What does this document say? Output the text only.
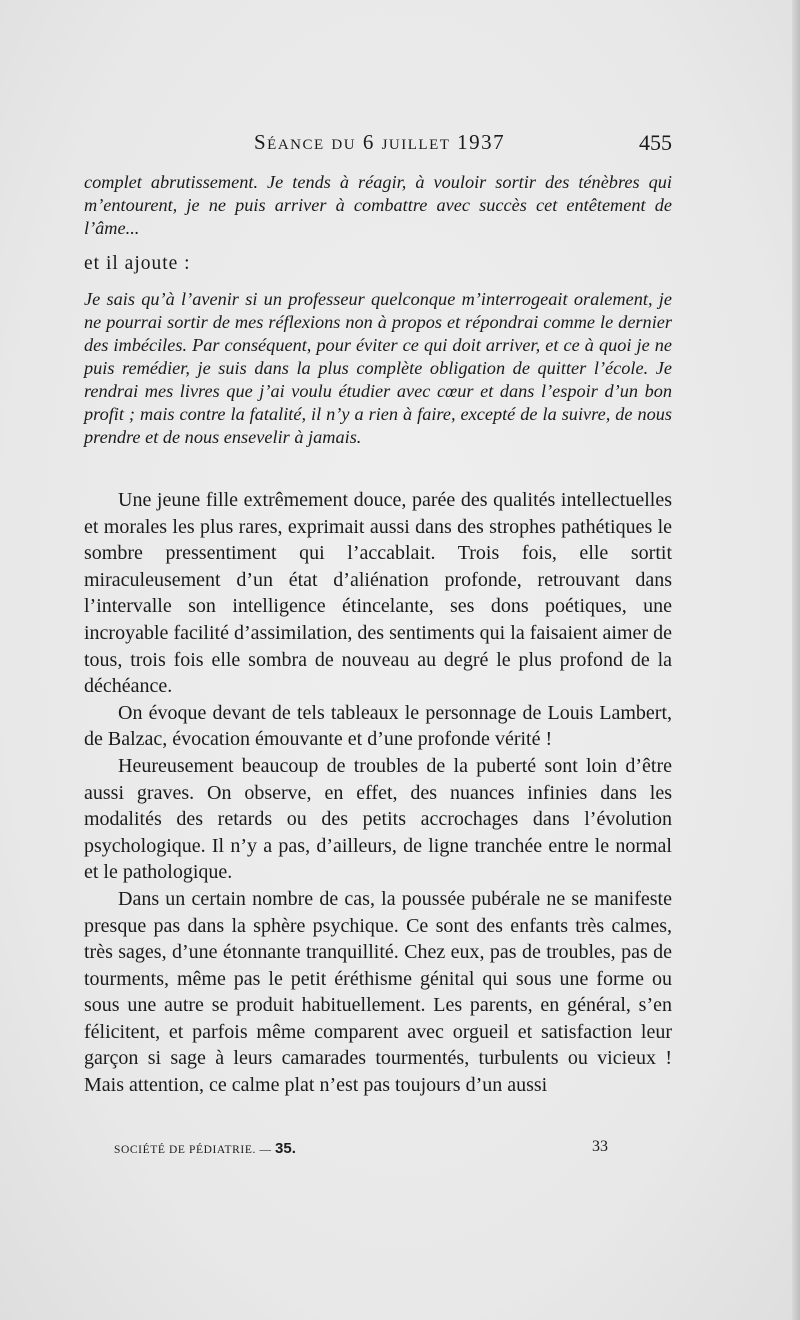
Séance du 6 juillet 1937	455

complet abrutissement. Je tends à réagir, à vouloir sortir des ténèbres qui m’entourent, je ne puis arriver à combattre avec succès cet entêtement de l’âme...

et il ajoute :

Je sais qu’à l’avenir si un professeur quelconque m’interrogeait oralement, je ne pourrai sortir de mes réflexions non à propos et répondrai comme le dernier des imbéciles. Par conséquent, pour éviter ce qui doit arriver, et ce à quoi je ne puis remédier, je suis dans la plus complète obligation de quitter l’école. Je rendrai mes livres que j’ai voulu étudier avec cœur et dans l’espoir d’un bon profit ; mais contre la fatalité, il n’y a rien à faire, excepté de la suivre, de nous prendre et de nous ensevelir à jamais.

Une jeune fille extrêmement douce, parée des qualités intellectuelles et morales les plus rares, exprimait aussi dans des strophes pathétiques le sombre pressentiment qui l’accablait. Trois fois, elle sortit miraculeusement d’un état d’aliénation profonde, retrouvant dans l’intervalle son intelligence étincelante, ses dons poétiques, une incroyable facilité d’assimilation, des sentiments qui la faisaient aimer de tous, trois fois elle sombra de nouveau au degré le plus profond de la déchéance.

On évoque devant de tels tableaux le personnage de Louis Lambert, de Balzac, évocation émouvante et d’une profonde vérité !

Heureusement beaucoup de troubles de la puberté sont loin d’être aussi graves. On observe, en effet, des nuances infinies dans les modalités des retards ou des petits accrochages dans l’évolution psychologique. Il n’y a pas, d’ailleurs, de ligne tranchée entre le normal et le pathologique.

Dans un certain nombre de cas, la poussée pubérale ne se manifeste presque pas dans la sphère psychique. Ce sont des enfants très calmes, très sages, d’une étonnante tranquillité. Chez eux, pas de troubles, pas de tourments, même pas le petit éréthisme génital qui sous une forme ou sous une autre se produit habituellement. Les parents, en général, s’en félicitent, et parfois même comparent avec orgueil et satisfaction leur garçon si sage à leurs camarades tourmentés, turbulents ou vicieux ! Mais attention, ce calme plat n’est pas toujours d’un aussi

SOCIÉTÉ DE PÉDIATRIE. — 35.	33
